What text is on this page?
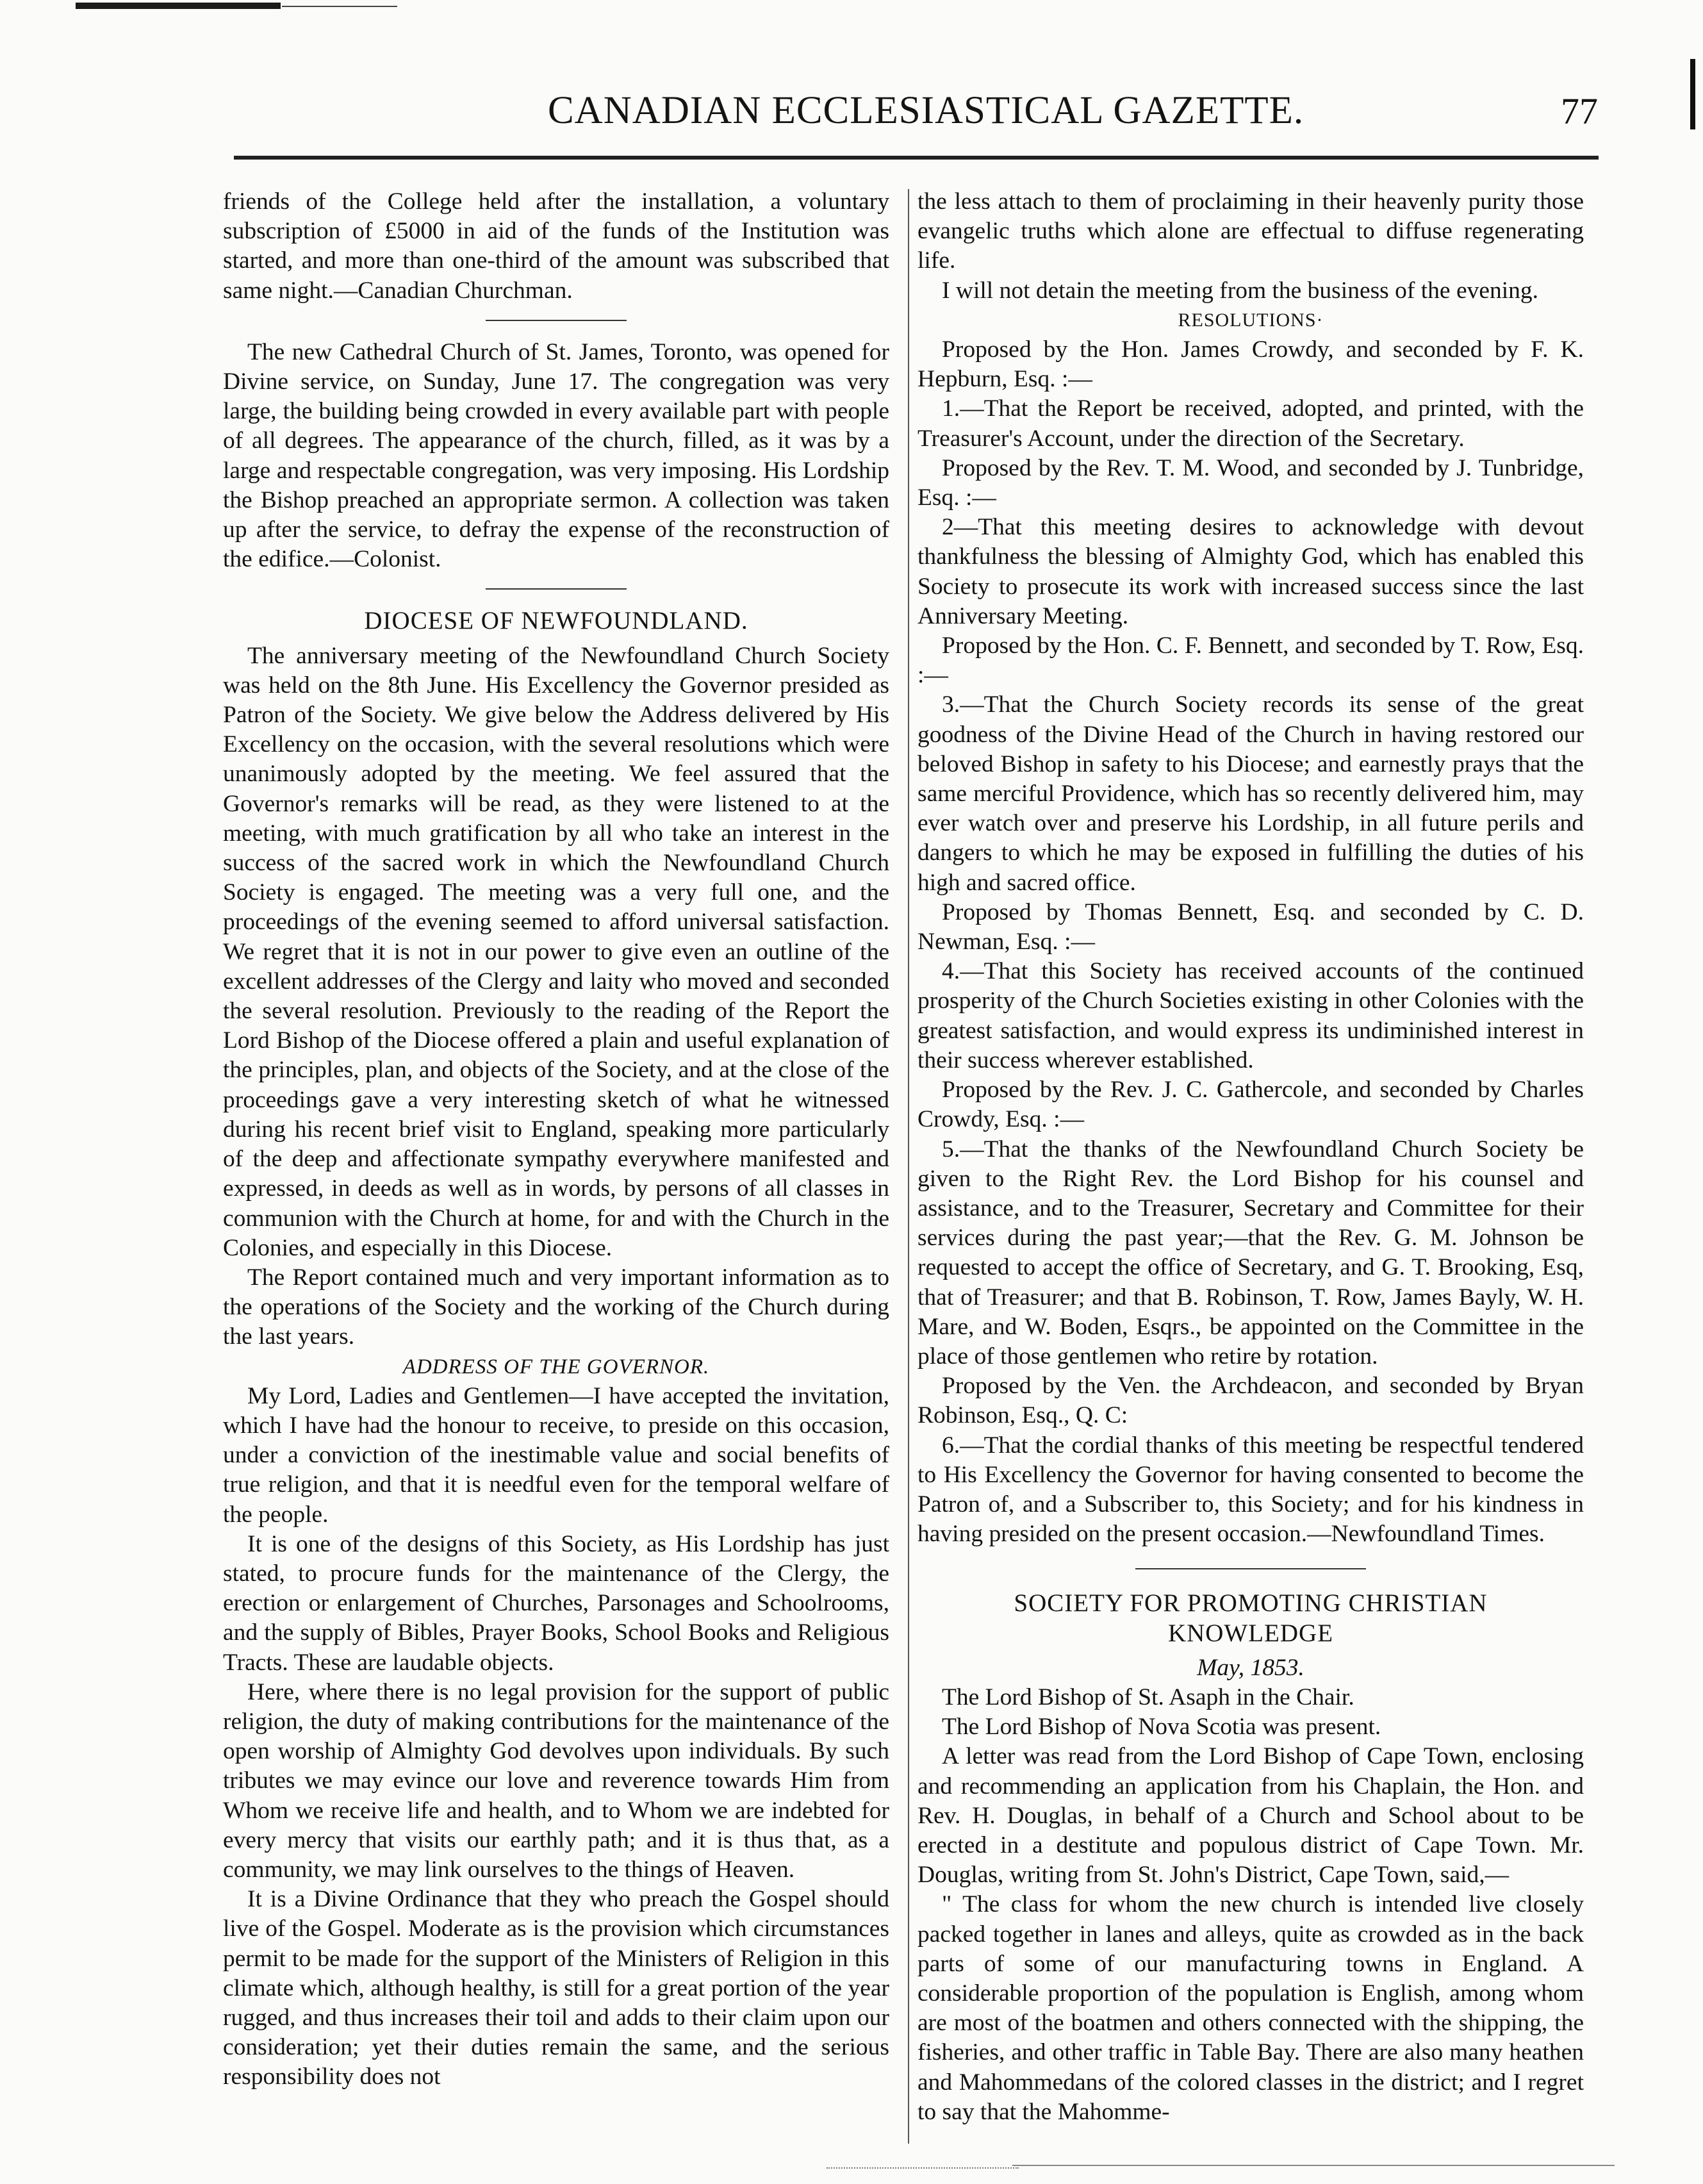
CANADIAN ECCLESIASTICAL GAZETTE.	77

friends of the College held after the installation, a voluntary subscription of £5000 in aid of the funds of the Institution was started, and more than one-third of the amount was subscribed that same night.—Canadian Churchman.

The new Cathedral Church of St. James, Toronto, was opened for Divine service, on Sunday, June 17. The congregation was very large, the building being crowded in every available part with people of all degrees. The appearance of the church, filled, as it was by a large and respectable congregation, was very imposing. His Lordship the Bishop preached an appropriate sermon. A collection was taken up after the service, to defray the expense of the reconstruction of the edifice.—Colonist.

DIOCESE OF NEWFOUNDLAND.

The anniversary meeting of the Newfoundland Church Society was held on the 8th June. His Excellency the Governor presided as Patron of the Society. We give below the Address delivered by His Excellency on the occasion, with the several resolutions which were unanimously adopted by the meeting. We feel assured that the Governor's remarks will be read, as they were listened to at the meeting, with much gratification by all who take an interest in the success of the sacred work in which the Newfoundland Church Society is engaged. The meeting was a very full one, and the proceedings of the evening seemed to afford universal satisfaction. We regret that it is not in our power to give even an outline of the excellent addresses of the Clergy and laity who moved and seconded the several resolution. Previously to the reading of the Report the Lord Bishop of the Diocese offered a plain and useful explanation of the principles, plan, and objects of the Society, and at the close of the proceedings gave a very interesting sketch of what he witnessed during his recent brief visit to England, speaking more particularly of the deep and affectionate sympathy everywhere manifested and expressed, in deeds as well as in words, by persons of all classes in communion with the Church at home, for and with the Church in the Colonies, and especially in this Diocese.

The Report contained much and very important information as to the operations of the Society and the working of the Church during the last years.

ADDRESS OF THE GOVERNOR.

My Lord, Ladies and Gentlemen—I have accepted the invitation, which I have had the honour to receive, to preside on this occasion, under a conviction of the inestimable value and social benefits of true religion, and that it is needful even for the temporal welfare of the people.

It is one of the designs of this Society, as His Lordship has just stated, to procure funds for the maintenance of the Clergy, the erection or enlargement of Churches, Parsonages and Schoolrooms, and the supply of Bibles, Prayer Books, School Books and Religious Tracts. These are laudable objects.

Here, where there is no legal provision for the support of public religion, the duty of making contributions for the maintenance of the open worship of Almighty God devolves upon individuals. By such tributes we may evince our love and reverence towards Him from Whom we receive life and health, and to Whom we are indebted for every mercy that visits our earthly path; and it is thus that, as a community, we may link ourselves to the things of Heaven.

It is a Divine Ordinance that they who preach the Gospel should live of the Gospel. Moderate as is the provision which circumstances permit to be made for the support of the Ministers of Religion in this climate which, although healthy, is still for a great portion of the year rugged, and thus increases their toil and adds to their claim upon our consideration; yet their duties remain the same, and the serious responsibility does not

the less attach to them of proclaiming in their heavenly purity those evangelic truths which alone are effectual to diffuse regenerating life.

I will not detain the meeting from the business of the evening.

RESOLUTIONS·

Proposed by the Hon. James Crowdy, and seconded by F. K. Hepburn, Esq. :—

1.—That the Report be received, adopted, and printed, with the Treasurer's Account, under the direction of the Secretary.

Proposed by the Rev. T. M. Wood, and seconded by J. Tunbridge, Esq. :—

2—That this meeting desires to acknowledge with devout thankfulness the blessing of Almighty God, which has enabled this Society to prosecute its work with increased success since the last Anniversary Meeting.

Proposed by the Hon. C. F. Bennett, and seconded by T. Row, Esq. :—

3.—That the Church Society records its sense of the great goodness of the Divine Head of the Church in having restored our beloved Bishop in safety to his Diocese; and earnestly prays that the same merciful Providence, which has so recently delivered him, may ever watch over and preserve his Lordship, in all future perils and dangers to which he may be exposed in fulfilling the duties of his high and sacred office.

Proposed by Thomas Bennett, Esq. and seconded by C. D. Newman, Esq. :—

4.—That this Society has received accounts of the continued prosperity of the Church Societies existing in other Colonies with the greatest satisfaction, and would express its undiminished interest in their success wherever established.

Proposed by the Rev. J. C. Gathercole, and seconded by Charles Crowdy, Esq. :—

5.—That the thanks of the Newfoundland Church Society be given to the Right Rev. the Lord Bishop for his counsel and assistance, and to the Treasurer, Secretary and Committee for their services during the past year;—that the Rev. G. M. Johnson be requested to accept the office of Secretary, and G. T. Brooking, Esq, that of Treasurer; and that B. Robinson, T. Row, James Bayly, W. H. Mare, and W. Boden, Esqrs., be appointed on the Committee in the place of those gentlemen who retire by rotation.

Proposed by the Ven. the Archdeacon, and seconded by Bryan Robinson, Esq., Q. C:

6.—That the cordial thanks of this meeting be respectful tendered to His Excellency the Governor for having consented to become the Patron of, and a Subscriber to, this Society; and for his kindness in having presided on the present occasion.—Newfoundland Times.

SOCIETY FOR PROMOTING CHRISTIAN
KNOWLEDGE
May, 1853.

The Lord Bishop of St. Asaph in the Chair.

The Lord Bishop of Nova Scotia was present.

A letter was read from the Lord Bishop of Cape Town, enclosing and recommending an application from his Chaplain, the Hon. and Rev. H. Douglas, in behalf of a Church and School about to be erected in a destitute and populous district of Cape Town. Mr. Douglas, writing from St. John's District, Cape Town, said,—

" The class for whom the new church is intended live closely packed together in lanes and alleys, quite as crowded as in the back parts of some of our manufacturing towns in England. A considerable proportion of the population is English, among whom are most of the boatmen and others connected with the shipping, the fisheries, and other traffic in Table Bay. There are also many heathen and Mahommedans of the colored classes in the district; and I regret to say that the Mahomme-
